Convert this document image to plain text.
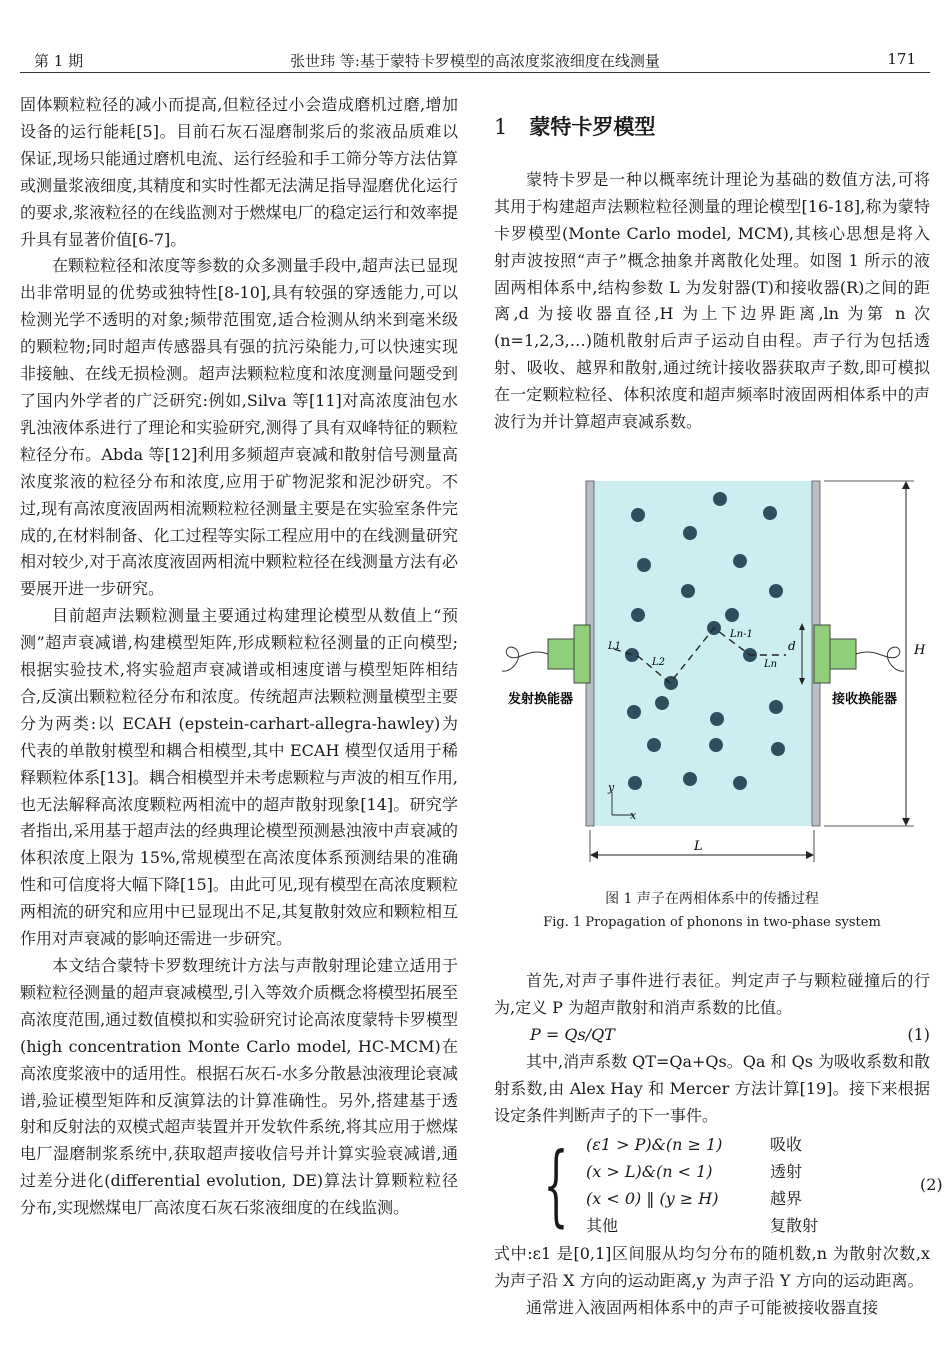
第 1 期	张世玮 等:基于蒙特卡罗模型的高浓度浆液细度在线测量	171

固体颗粒粒径的减小而提高,但粒径过小会造成磨机过磨,增加设备的运行能耗[5]。目前石灰石湿磨制浆后的浆液品质难以保证,现场只能通过磨机电流、运行经验和手工筛分等方法估算或测量浆液细度,其精度和实时性都无法满足指导湿磨优化运行的要求,浆液粒径的在线监测对于燃煤电厂的稳定运行和效率提升具有显著价值[6-7]。

在颗粒粒径和浓度等参数的众多测量手段中,超声法已显现出非常明显的优势或独特性[8-10],具有较强的穿透能力,可以检测光学不透明的对象;频带范围宽,适合检测从纳米到毫米级的颗粒物;同时超声传感器具有强的抗污染能力,可以快速实现非接触、在线无损检测。超声法颗粒粒度和浓度测量问题受到了国内外学者的广泛研究:例如,Silva 等[11]对高浓度油包水乳浊液体系进行了理论和实验研究,测得了具有双峰特征的颗粒粒径分布。Abda 等[12]利用多频超声衰减和散射信号测量高浓度浆液的粒径分布和浓度,应用于矿物泥浆和泥沙研究。不过,现有高浓度液固两相流颗粒粒径测量主要是在实验室条件完成的,在材料制备、化工过程等实际工程应用中的在线测量研究相对较少,对于高浓度液固两相流中颗粒粒径在线测量方法有必要展开进一步研究。

目前超声法颗粒测量主要通过构建理论模型从数值上“预测”超声衰减谱,构建模型矩阵,形成颗粒粒径测量的正向模型;根据实验技术,将实验超声衰减谱或相速度谱与模型矩阵相结合,反演出颗粒粒径分布和浓度。传统超声法颗粒测量模型主要分为两类:以 ECAH (epstein-carhart-allegra-hawley)为代表的单散射模型和耦合相模型,其中 ECAH 模型仅适用于稀释颗粒体系[13]。耦合相模型并未考虑颗粒与声波的相互作用,也无法解释高浓度颗粒两相流中的超声散射现象[14]。研究学者指出,采用基于超声法的经典理论模型预测悬浊液中声衰减的体积浓度上限为 15%,常规模型在高浓度体系预测结果的准确性和可信度将大幅下降[15]。由此可见,现有模型在高浓度颗粒两相流的研究和应用中已显现出不足,其复散射效应和颗粒相互作用对声衰减的影响还需进一步研究。

本文结合蒙特卡罗数理统计方法与声散射理论建立适用于颗粒粒径测量的超声衰减模型,引入等效介质概念将模型拓展至高浓度范围,通过数值模拟和实验研究讨论高浓度蒙特卡罗模型(high concentration Monte Carlo model, HC-MCM)在高浓度浆液中的适用性。根据石灰石-水多分散悬浊液理论衰减谱,验证模型矩阵和反演算法的计算准确性。另外,搭建基于透射和反射法的双模式超声装置并开发软件系统,将其应用于燃煤电厂湿磨制浆系统中,获取超声接收信号并计算实验衰减谱,通过差分进化(differential evolution, DE)算法计算颗粒粒径分布,实现燃煤电厂高浓度石灰石浆液细度的在线监测。

1 蒙特卡罗模型

蒙特卡罗是一种以概率统计理论为基础的数值方法,可将其用于构建超声法颗粒粒径测量的理论模型[16-18],称为蒙特卡罗模型(Monte Carlo model, MCM),其核心思想是将入射声波按照“声子”概念抽象并离散化处理。如图 1 所示的液固两相体系中,结构参数 L 为发射器(T)和接收器(R)之间的距离,d 为接收器直径,H 为上下边界距离,ln 为第 n 次(n=1,2,3,…)随机散射后声子运动自由程。声子行为包括透射、吸收、越界和散射,通过统计接收器获取声子数,即可模拟在一定颗粒粒径、体积浓度和超声频率时液固两相体系中的声波行为并计算超声衰减系数。

发射换能器	接收换能器
H
L
d
L1
L2
Ln-1
Ln
x
y
图 1 声子在两相体系中的传播过程
Fig. 1 Propagation of phonons in two-phase system

首先,对声子事件进行表征。判定声子与颗粒碰撞后的行为,定义 P 为超声散射和消声系数的比值。

P = Qs/QT	(1)

其中,消声系数 QT=Qa+Qs。Qa 和 Qs 为吸收系数和散射系数,由 Alex Hay 和 Mercer 方法计算[19]。接下来根据设定条件判断声子的下一事件。

{ (ε1 > P)&(n ≥ 1)	吸收
(x > L)&(n < 1)	透射
(x < 0) ‖ (y ≥ H)	越界
其他	复散射
(2)

式中:ε1 是[0,1]区间服从均匀分布的随机数,n 为散射次数,x 为声子沿 X 方向的运动距离,y 为声子沿 Y 方向的运动距离。

通常进入液固两相体系中的声子可能被接收器直接
